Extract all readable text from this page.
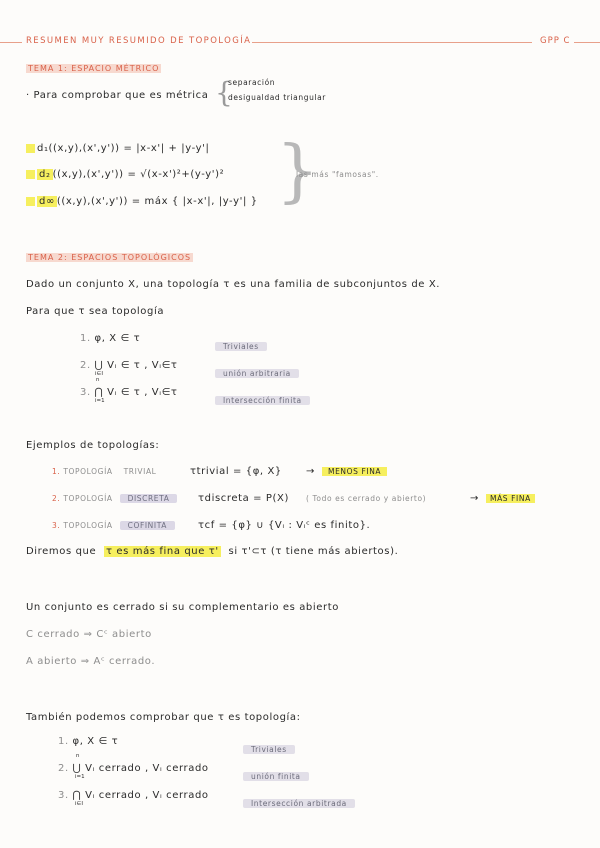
RESUMEN MUY RESUMIDO DE TOPOLOGÍA	GPP C
TEMA 1: ESPACIO MÉTRICO
· Para comprobar que es métrica {
separación
desigualdad triangular
d₁((x,y),(x',y')) = |x-x'| + |y-y'|
d₂ ((x,y),(x',y')) = √(x-x')²+(y-y')²
d∞ ((x,y),(x',y')) = máx { |x-x'|, |y-y'| } }
las más "famosas".
TEMA 2: ESPACIOS TOPOLÓGICOS
Dado un conjunto X, una topología τ es una familia de subconjuntos de X.
Para que τ sea topología
1. φ, X ∈ τ
Triviales
2. ⋃ Vᵢ ∈ τ , Vᵢ∈τ
i∈I	unión arbitraria
n
3. ⋂ Vᵢ ∈ τ , Vᵢ∈τ
i=1	Intersección finita
Ejemplos de topologías:
1. TOPOLOGÍA TRIVIAL	τtrivial = {φ, X} →	MENOS FINA
2. TOPOLOGÍA DISCRETA	τdiscreta = P(X) ( Todo es cerrado y abierto)	→	MÁS FINA
3. TOPOLOGÍA COFINITA	τcf = {φ} ∪ {Vᵢ : Vᵢᶜ es finito}.
Diremos que τ es más fina que τ' si τ'⊂τ (τ tiene más abiertos).
Un conjunto es cerrado si su complementario es abierto
C cerrado ⇒ Cᶜ abierto
A abierto ⇒ Aᶜ cerrado.
También podemos comprobar que τ es topología:
1. φ, X ∈ τ
Triviales
n
2. ⋃ Vᵢ cerrado , Vᵢ cerrado
i=1	unión finita
3. ⋂ Vᵢ cerrado , Vᵢ cerrado
i∈I	Intersección arbitrada
